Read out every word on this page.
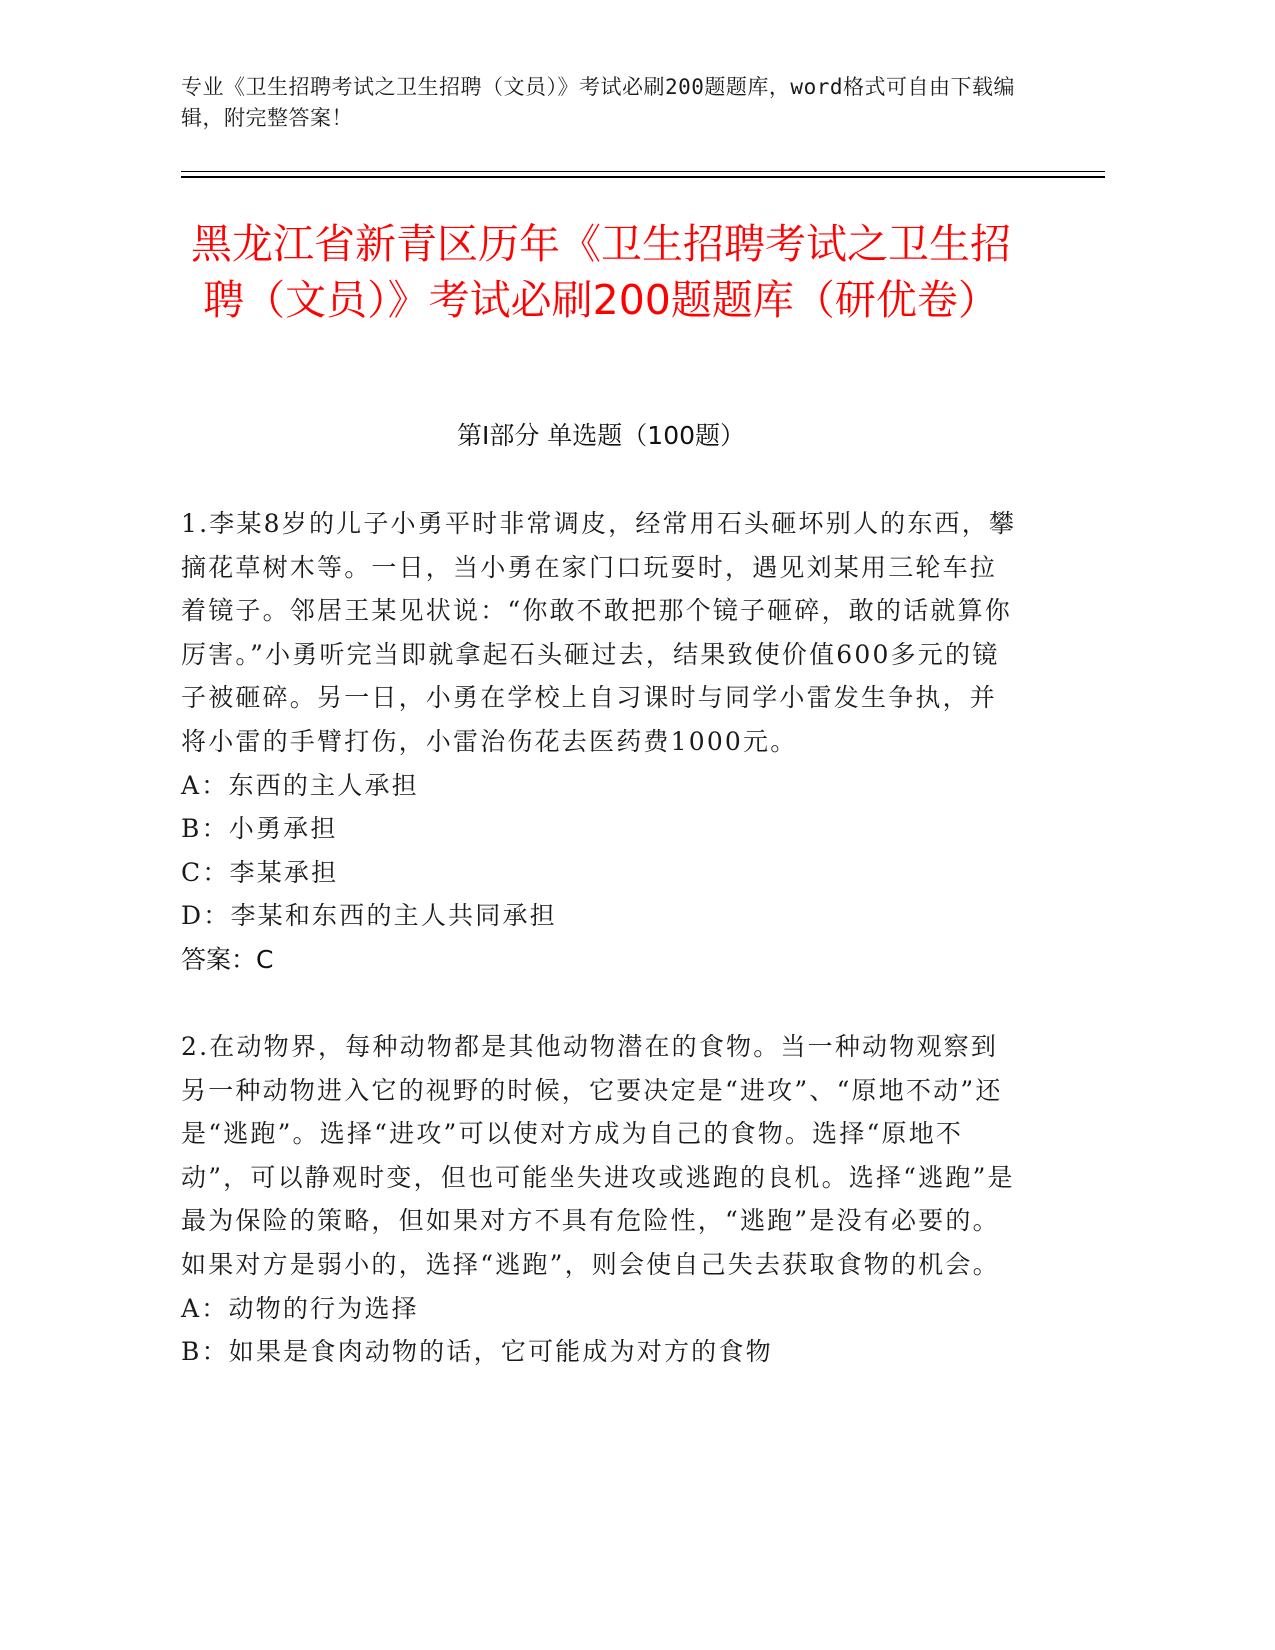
专业《卫生招聘考试之卫生招聘（文员）》考试必刷200题题库，word格式可自由下载编辑，附完整答案！
黑龙江省新青区历年《卫生招聘考试之卫生招聘（文员）》考试必刷200题题库（研优卷）
第Ⅰ部分 单选题（100题）

1.李某8岁的儿子小勇平时非常调皮，经常用石头砸坏别人的东西，攀摘花草树木等。一日，当小勇在家门口玩耍时，遇见刘某用三轮车拉着镜子。邻居王某见状说：“你敢不敢把那个镜子砸碎，敢的话就算你厉害。”小勇听完当即就拿起石头砸过去，结果致使价值600多元的镜子被砸碎。另一日，小勇在学校上自习课时与同学小雷发生争执，并将小雷的手臂打伤，小雷治伤花去医药费1000元。

A：东西的主人承担

B：小勇承担

C：李某承担

D：李某和东西的主人共同承担

答案：C

2.在动物界，每种动物都是其他动物潜在的食物。当一种动物观察到另一种动物进入它的视野的时候，它要决定是“进攻”、“原地不动”还是“逃跑”。选择“进攻”可以使对方成为自己的食物。选择“原地不动”，可以静观时变，但也可能坐失进攻或逃跑的良机。选择“逃跑”是最为保险的策略，但如果对方不具有危险性，“逃跑”是没有必要的。如果对方是弱小的，选择“逃跑”，则会使自己失去获取食物的机会。

A：动物的行为选择

B：如果是食肉动物的话，它可能成为对方的食物
